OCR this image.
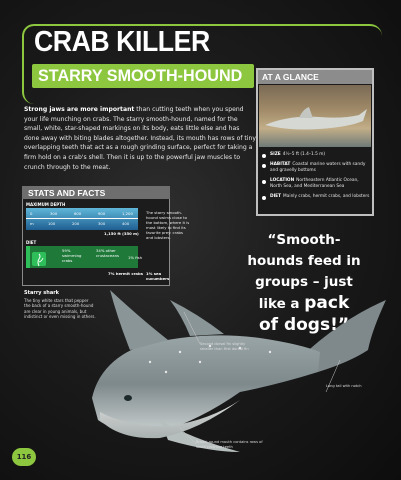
CRAB KILLER
STARRY SMOOTH-HOUND
Strong jaws are more important than cutting teeth when you spend your life munching on crabs. The starry smooth-hound, named for the small, white, star-shaped markings on its body, eats little else and has done away with biting blades altogether. Instead, its mouth has rows of tiny overlapping teeth that act as a rough grinding surface, perfect for taking a firm hold on a crab's shell. Then it is up to the powerful jaw muscles to crunch through to the meat.
AT A GLANCE
SIZE 4½–5 ft (1.4–1.5 m)
HABITAT Coastal marine waters with sandy and gravelly bottoms
LOCATION Northeastern Atlantic Ocean, North Sea, and Mediterranean Sea
DIET Mainly crabs, hermit crabs, and lobsters
STATS AND FACTS
MAXIMUM DEPTH
0	300	600	900	1,200
m	100	200	300	400
1,150 ft (350 m)
The starry smooth-hound swims close to the bottom, where it is most likely to find its favorite prey: crabs and lobsters.
DIET
59% swimming crabs
34% other crustaceans	1% fish
7% hermit crabs 1% sea cucumbers
“Smooth-
hounds feed in
groups – just
like a pack
of dogs!”
Starry shark
The tiny white stars that pepper the back of a starry smooth-hound are clear in young animals, but indistinct or even missing in others.
Second dorsal fin slightly smaller than first dorsal fin
Long tail with notch
Broad, round mouth contains rows of small crushing teeth
116
